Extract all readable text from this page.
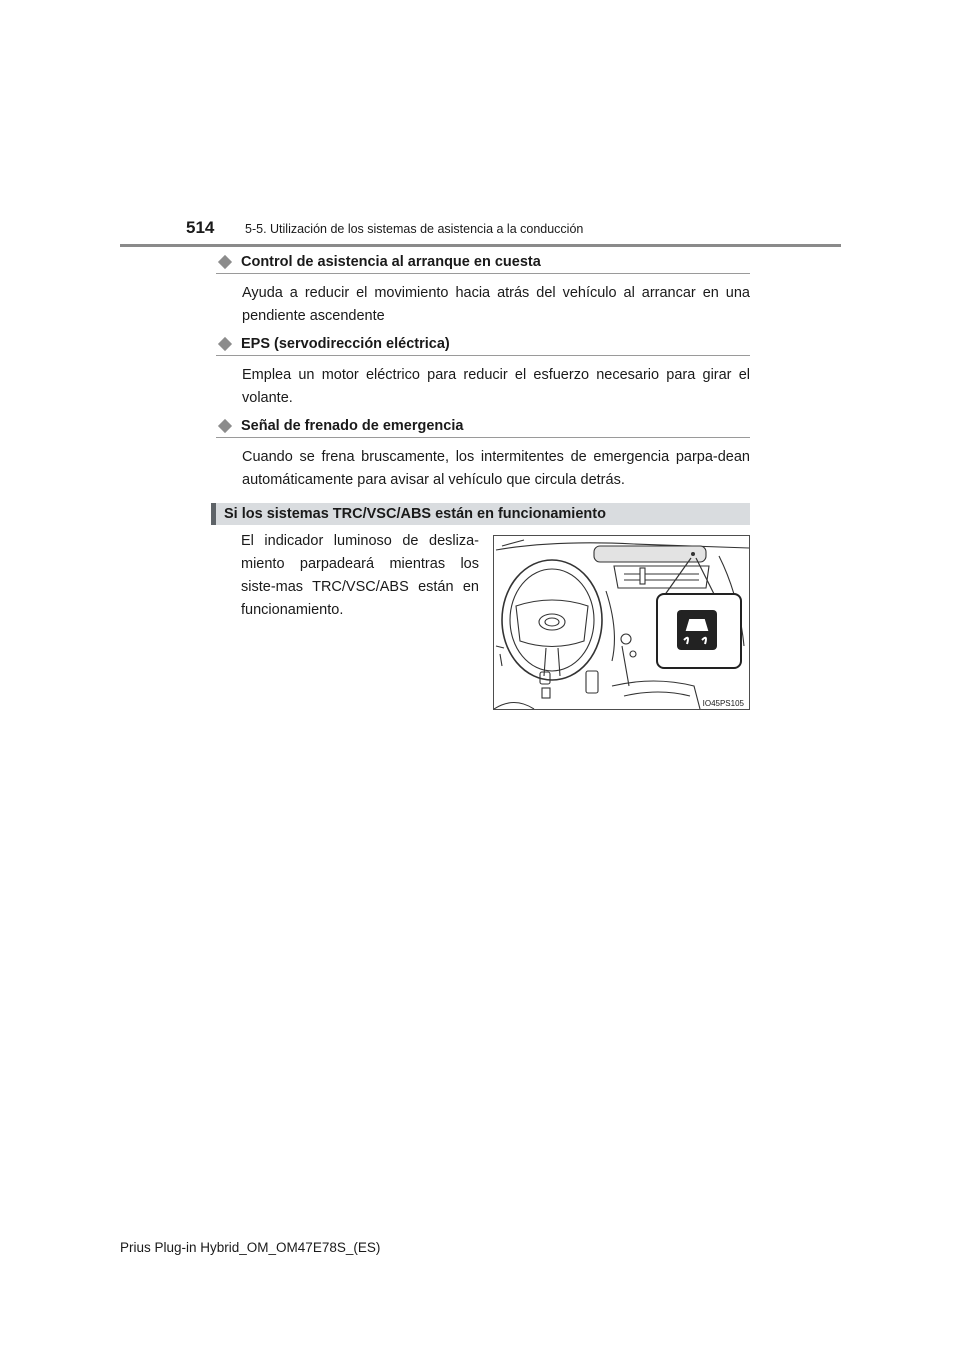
514 5-5. Utilización de los sistemas de asistencia a la conducción
Control de asistencia al arranque en cuesta
Ayuda a reducir el movimiento hacia atrás del vehículo al arrancar en una pendiente ascendente
EPS (servodirección eléctrica)
Emplea un motor eléctrico para reducir el esfuerzo necesario para girar el volante.
Señal de frenado de emergencia
Cuando se frena bruscamente, los intermitentes de emergencia parpa-dean automáticamente para avisar al vehículo que circula detrás.
Si los sistemas TRC/VSC/ABS están en funcionamiento
El indicador luminoso de desliza-miento parpadeará mientras los siste-mas TRC/VSC/ABS están en funcionamiento.
IO45PS105
Prius Plug-in Hybrid_OM_OM47E78S_(ES)
